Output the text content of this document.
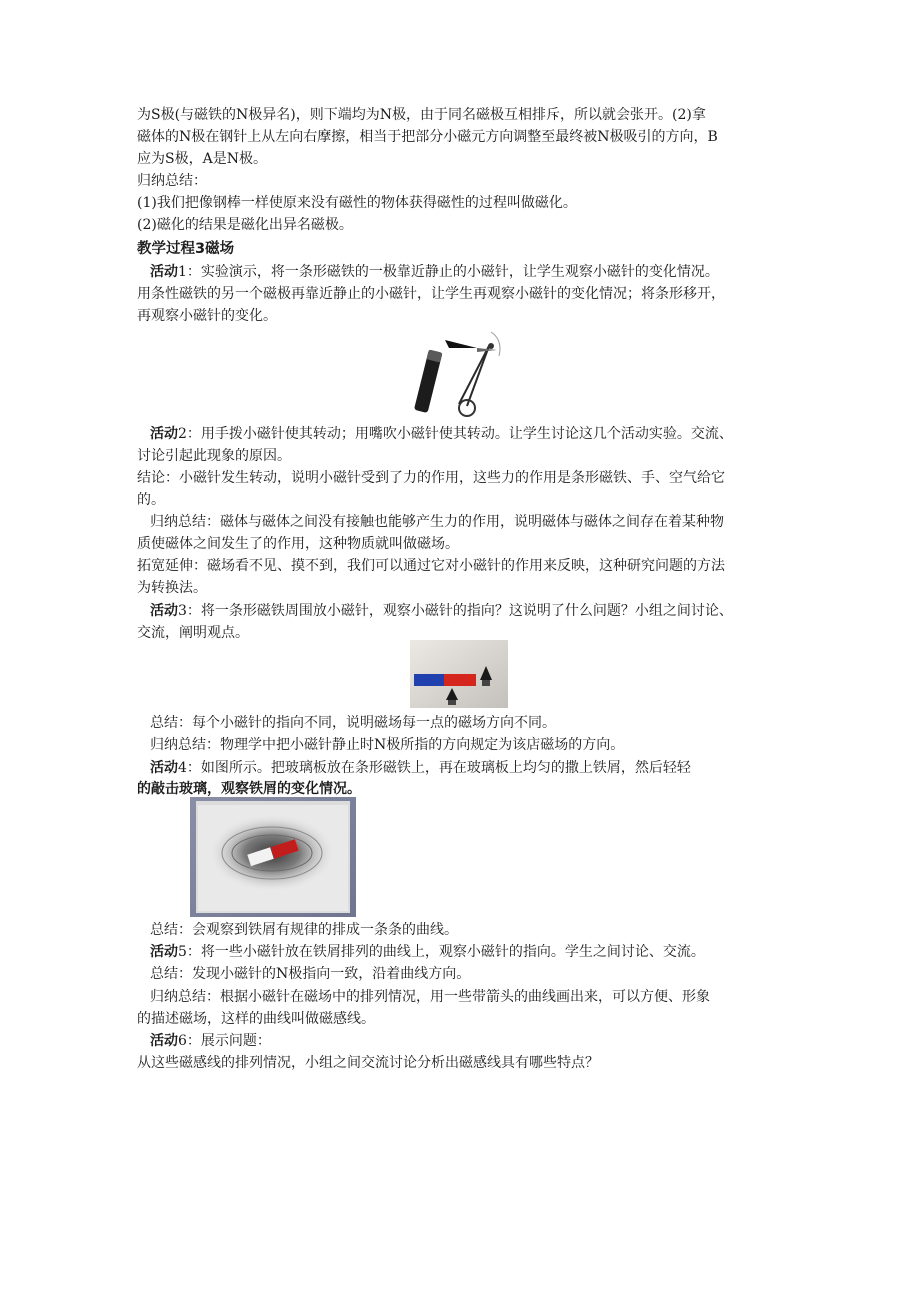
为S极(与磁铁的N极异名)，则下端均为N极，由于同名磁极互相排斥，所以就会张开。(2)拿
磁体的N极在钢针上从左向右摩擦，相当于把部分小磁元方向调整至最终被N极吸引的方向，B
应为S极，A是N极。
归纳总结：
(1)我们把像钢棒一样使原来没有磁性的物体获得磁性的过程叫做磁化。
(2)磁化的结果是磁化出异名磁极。
教学过程3磁场
活动1：实验演示，将一条形磁铁的一极靠近静止的小磁针，让学生观察小磁针的变化情况。
用条性磁铁的另一个磁极再靠近静止的小磁针，让学生再观察小磁针的变化情况；将条形移开，
再观察小磁针的变化。
活动2：用手拨小磁针使其转动；用嘴吹小磁针使其转动。让学生讨论这几个活动实验。交流、
讨论引起此现象的原因。
结论：小磁针发生转动，说明小磁针受到了力的作用，这些力的作用是条形磁铁、手、空气给它
的。
归纳总结：磁体与磁体之间没有接触也能够产生力的作用，说明磁体与磁体之间存在着某种物
质使磁体之间发生了的作用，这种物质就叫做磁场。
拓宽延伸：磁场看不见、摸不到，我们可以通过它对小磁针的作用来反映，这种研究问题的方法
为转换法。
活动3：将一条形磁铁周围放小磁针，观察小磁针的指向？这说明了什么问题？小组之间讨论、
交流，阐明观点。
总结：每个小磁针的指向不同，说明磁场每一点的磁场方向不同。
归纳总结：物理学中把小磁针静止时N极所指的方向规定为该店磁场的方向。
活动4：如图所示。把玻璃板放在条形磁铁上，再在玻璃板上均匀的撒上铁屑，然后轻轻
的敲击玻璃，观察铁屑的变化情况。
总结：会观察到铁屑有规律的排成一条条的曲线。
活动5：将一些小磁针放在铁屑排列的曲线上，观察小磁针的指向。学生之间讨论、交流。
总结：发现小磁针的N极指向一致，沿着曲线方向。
归纳总结：根据小磁针在磁场中的排列情况，用一些带箭头的曲线画出来，可以方便、形象
的描述磁场，这样的曲线叫做磁感线。
活动6：展示问题：
从这些磁感线的排列情况，小组之间交流讨论分析出磁感线具有哪些特点？
